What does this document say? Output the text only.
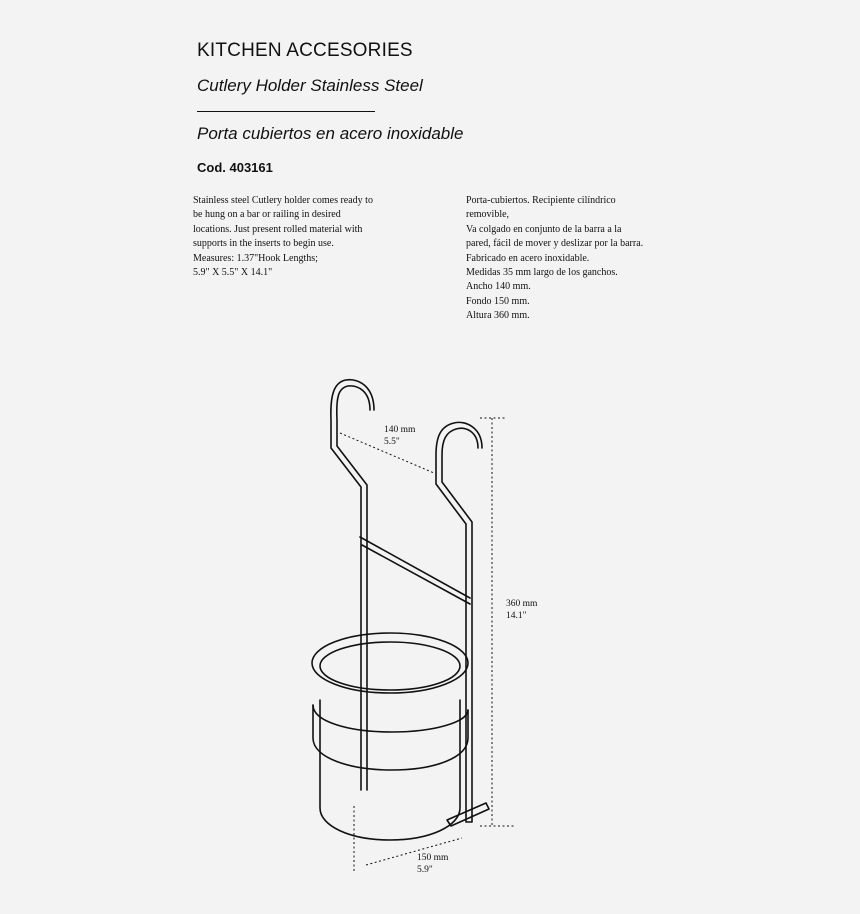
KITCHEN ACCESORIES
Cutlery Holder Stainless Steel
Porta cubiertos en acero inoxidable
Cod. 403161
Stainless steel Cutlery holder comes ready to
be hung on a bar or railing in desired
locations. Just present rolled material with
supports in the inserts to begin use.
Measures: 1.37"Hook Lengths;
5.9" X 5.5" X 14.1"
Porta-cubiertos. Recipiente cilíndrico
removible,
Va colgado en conjunto de la barra a la
pared, fácil de mover y deslizar por la barra.
Fabricado en acero inoxidable.
Medidas 35 mm largo de los ganchos.
Ancho 140 mm.
Fondo 150 mm.
Altura 360 mm.
140 mm
5.5"
360 mm
14.1"
150 mm
5.9"
